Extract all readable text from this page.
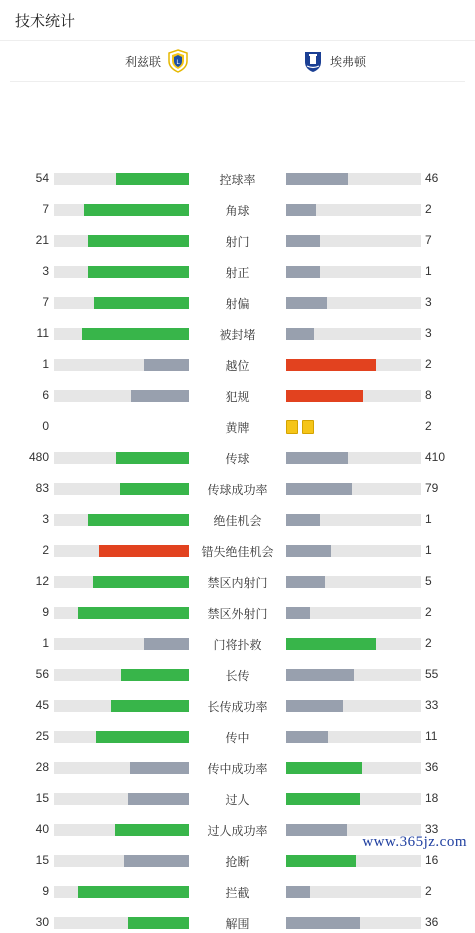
技术统计
利兹联	L	埃弗顿
54	控球率	46
7	角球	2
21	射门	7
3	射正	1
7	射偏	3
11	被封堵	3
1	越位	2
6	犯规	8
0	黄牌	2
480	传球	410
83	传球成功率	79
3	绝佳机会	1
2	错失绝佳机会	1
12	禁区内射门	5
9	禁区外射门	2
1	门将扑救	2
56	长传	55
45	长传成功率	33
25	传中	11
28	传中成功率	36
15	过人	18
40	过人成功率	33
15	抢断	16
9	拦截	2
30	解围	36
www.365jz.com
